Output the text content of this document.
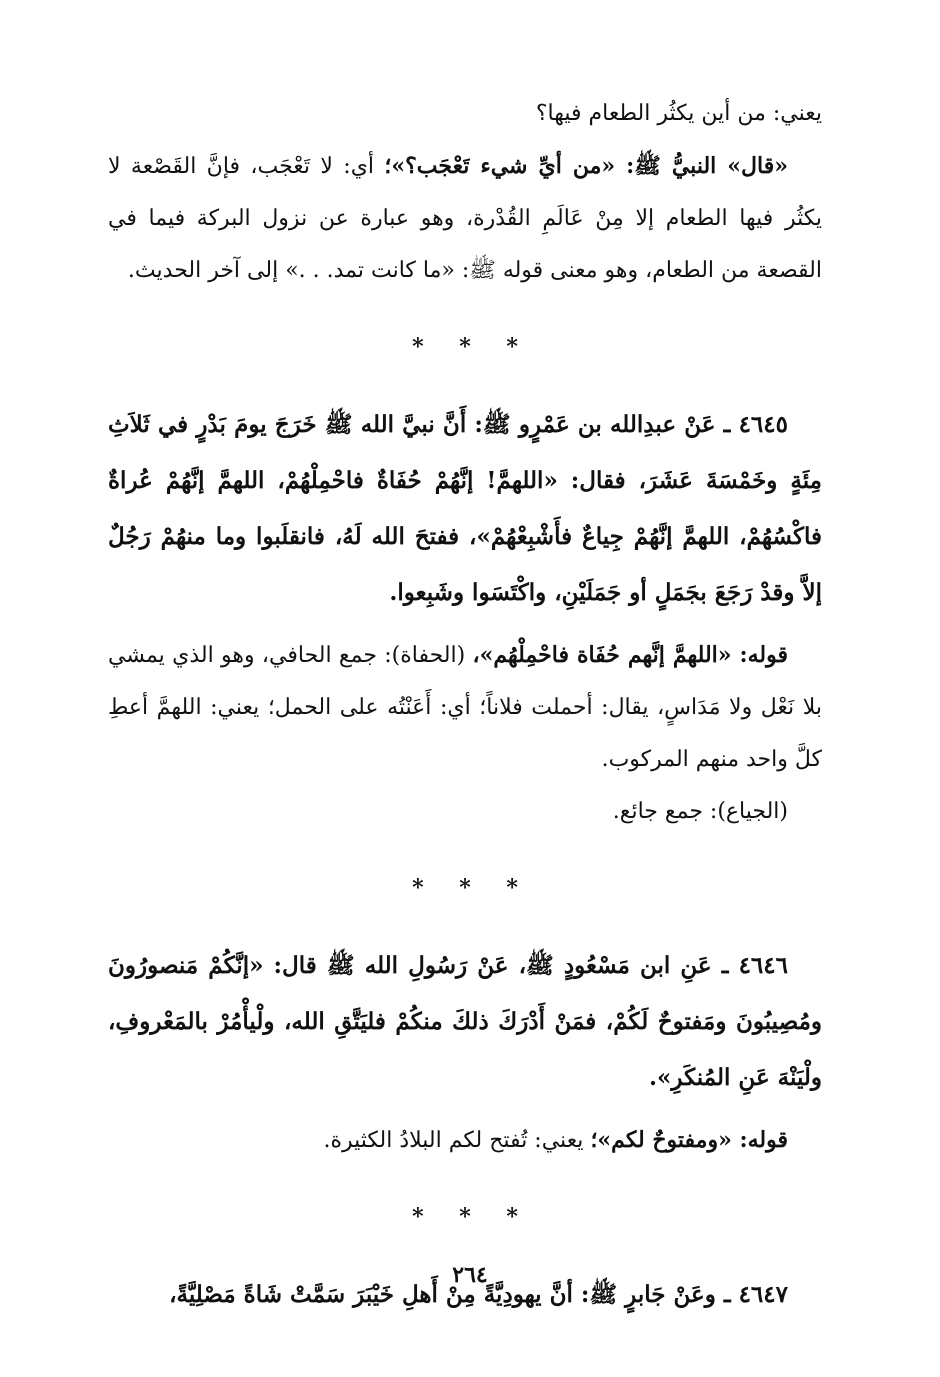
يعني: من أين يكثُر الطعام فيها؟

«قال» النبيُّ ﷺ: «من أيِّ شيء تَعْجَب؟»؛ أي: لا تَعْجَب، فإنَّ القَصْعة لا يكثُر فيها الطعام إلا مِنْ عَالَمِ القُدْرة، وهو عبارة عن نزول البركة فيما في القصعة من الطعام، وهو معنى قوله ﷺ: «ما كانت تمد. . .» إلى آخر الحديث.

* * *

٤٦٤٥ ـ عَنْ عبدِالله بن عَمْرٍو ﷺ: أَنَّ نبيَّ الله ﷺ خَرَجَ يومَ بَدْرٍ في ثَلاَثِ مِئَةٍ وخَمْسَةَ عَشَرَ، فقال: «اللهمَّ! إنَّهُمْ حُفَاةٌ فاحْمِلْهُمْ، اللهمَّ إنَّهُمْ عُراةٌ فاكْسُهُمْ، اللهمَّ إنَّهُمْ جِياعٌ فأَشْبِعْهُمْ»، ففتحَ الله لَهُ، فانقلَبوا وما منهُمْ رَجُلٌ إلاَّ وقدْ رَجَعَ بجَمَلٍ أو جَمَلَيْنِ، واكْتَسَوا وشَبِعوا.

قوله: «اللهمَّ إنَّهم حُفَاة فاحْمِلْهُم»، (الحفاة): جمع الحافي، وهو الذي يمشي بلا نَعْل ولا مَدَاسٍ، يقال: أحملت فلاناً؛ أي: أَعَنْتُه على الحمل؛ يعني: اللهمَّ أعطِ كلَّ واحد منهم المركوب.

(الجياع): جمع جائع.

* * *

٤٦٤٦ ـ عَنِ ابن مَسْعُودٍ ﷺ، عَنْ رَسُولِ الله ﷺ قال: «إنَّكُمْ مَنصورُونَ ومُصِيبُونَ ومَفتوحٌ لَكُمْ، فمَنْ أَدْرَكَ ذلكَ منكُمْ فليَتَّقِ الله، ولْيأْمُرْ بالمَعْروفِ، ولْيَنْهَ عَنِ المُنكَرِ».

قوله: «ومفتوحٌ لكم»؛ يعني: تُفتح لكم البلادُ الكثيرة.

* * *

٤٦٤٧ ـ وعَنْ جَابرٍ ﷺ: أنَّ يهودِيَّةً مِنْ أَهلِ خَيْبَرَ سَمَّتْ شَاةً مَصْلِيَّةً،

٢٦٤
